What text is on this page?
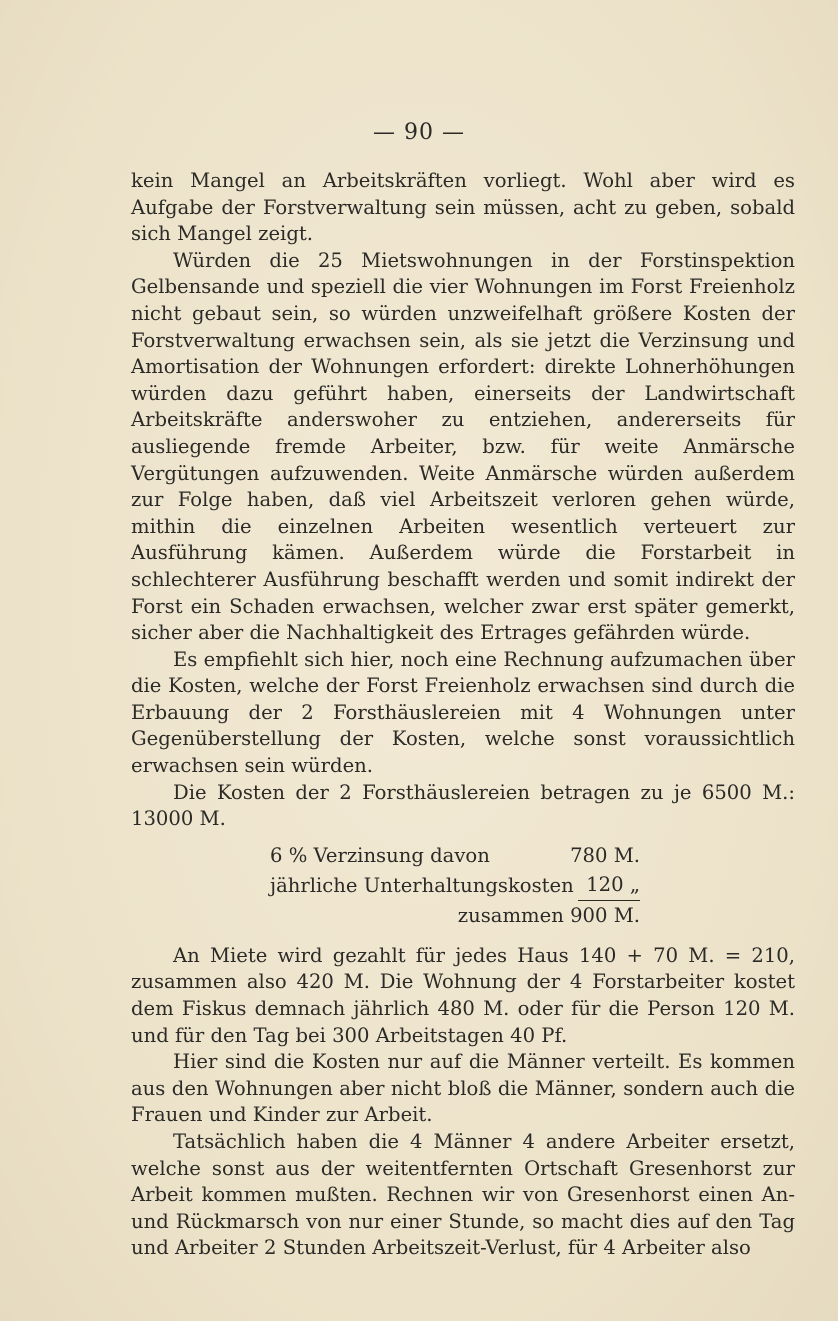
— 90 —

kein Mangel an Arbeitskräften vorliegt. Wohl aber wird es Aufgabe der Forstverwaltung sein müssen, acht zu geben, sobald sich Mangel zeigt.

Würden die 25 Mietswohnungen in der Forstinspektion Gelbensande und speziell die vier Wohnungen im Forst Freienholz nicht gebaut sein, so würden unzweifelhaft größere Kosten der Forstverwaltung erwachsen sein, als sie jetzt die Verzinsung und Amortisation der Wohnungen erfordert: direkte Lohnerhöhungen würden dazu geführt haben, einerseits der Landwirtschaft Arbeitskräfte anderswoher zu entziehen, andererseits für ausliegende fremde Arbeiter, bzw. für weite Anmärsche Vergütungen aufzuwenden. Weite Anmärsche würden außerdem zur Folge haben, daß viel Arbeitszeit verloren gehen würde, mithin die einzelnen Arbeiten wesentlich verteuert zur Ausführung kämen. Außerdem würde die Forstarbeit in schlechterer Ausführung beschafft werden und somit indirekt der Forst ein Schaden erwachsen, welcher zwar erst später gemerkt, sicher aber die Nachhaltigkeit des Ertrages gefährden würde.

Es empfiehlt sich hier, noch eine Rechnung aufzumachen über die Kosten, welche der Forst Freienholz erwachsen sind durch die Erbauung der 2 Forsthäuslereien mit 4 Wohnungen unter Gegenüberstellung der Kosten, welche sonst voraussichtlich erwachsen sein würden.

Die Kosten der 2 Forsthäuslereien betragen zu je 6500 M.: 13000 M.

6 % Verzinsung davon	780 M.
jährliche Unterhaltungskosten 120 „
zusammen 900 M.

An Miete wird gezahlt für jedes Haus 140 + 70 M. = 210, zusammen also 420 M. Die Wohnung der 4 Forstarbeiter kostet dem Fiskus demnach jährlich 480 M. oder für die Person 120 M. und für den Tag bei 300 Arbeitstagen 40 Pf.

Hier sind die Kosten nur auf die Männer verteilt. Es kommen aus den Wohnungen aber nicht bloß die Männer, sondern auch die Frauen und Kinder zur Arbeit.

Tatsächlich haben die 4 Männer 4 andere Arbeiter ersetzt, welche sonst aus der weitentfernten Ortschaft Gresenhorst zur Arbeit kommen mußten. Rechnen wir von Gresenhorst einen An- und Rückmarsch von nur einer Stunde, so macht dies auf den Tag und Arbeiter 2 Stunden Arbeitszeit-Verlust, für 4 Arbeiter also
